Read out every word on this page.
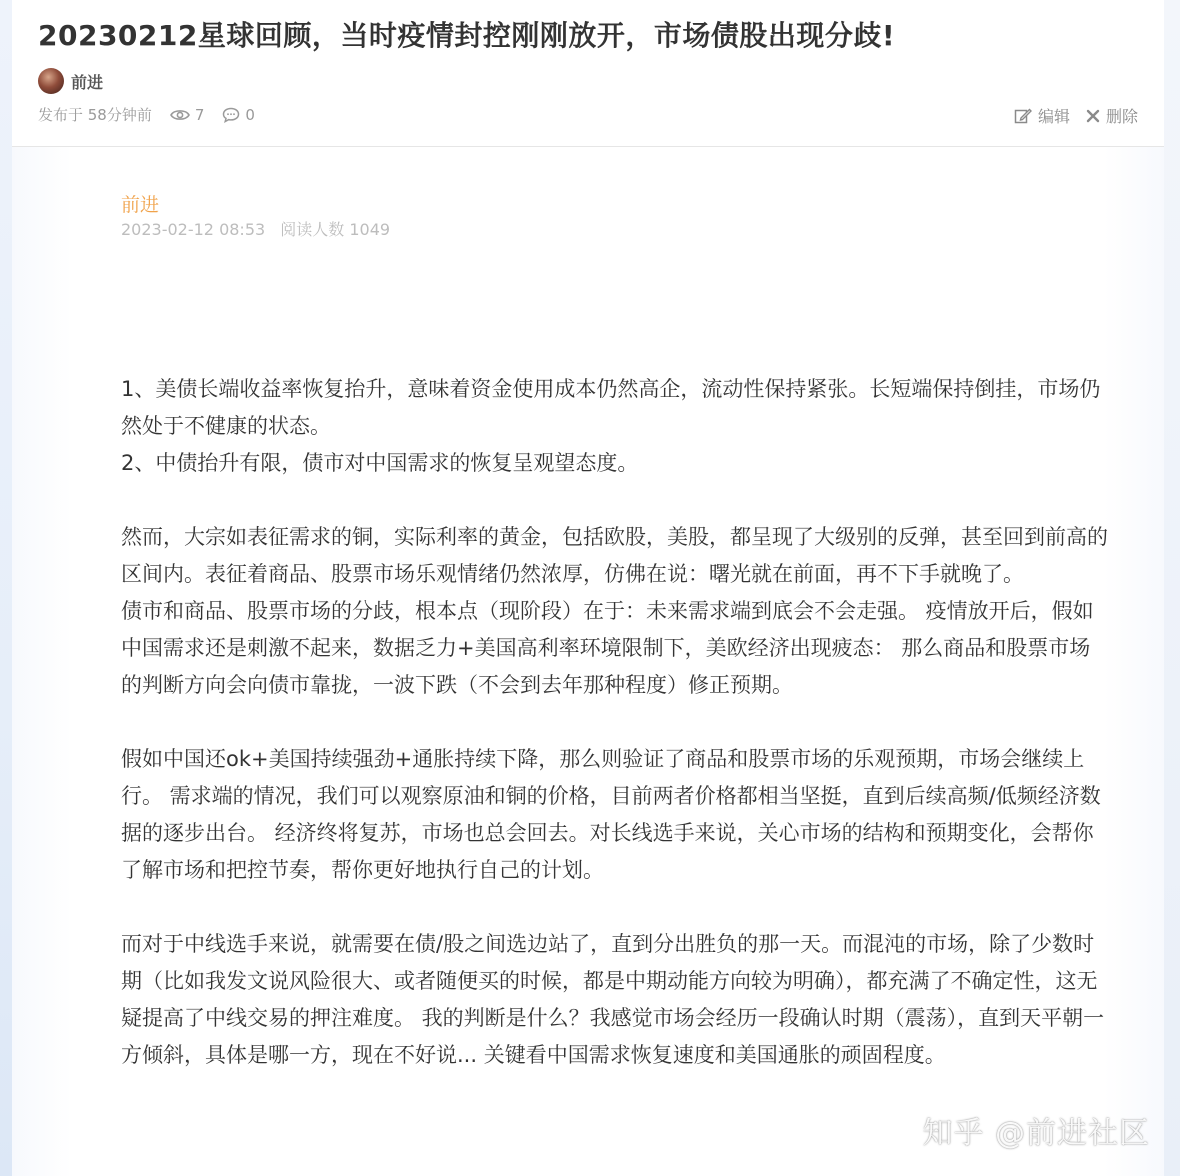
20230212星球回顾，当时疫情封控刚刚放开，市场债股出现分歧!
前进
发布于 58分钟前	7	0	编辑 删除
前进
2023-02-12 08:53 阅读人数 1049

1、美债长端收益率恢复抬升，意味着资金使用成本仍然高企，流动性保持紧张。长短端保持倒挂，市场仍然处于不健康的状态。

2、中债抬升有限，债市对中国需求的恢复呈观望态度。

然而，大宗如表征需求的铜，实际利率的黄金，包括欧股，美股，都呈现了大级别的反弹，甚至回到前高的区间内。表征着商品、股票市场乐观情绪仍然浓厚，仿佛在说：曙光就在前面，再不下手就晚了。

债市和商品、股票市场的分歧，根本点（现阶段）在于：未来需求端到底会不会走强。 疫情放开后，假如中国需求还是刺激不起来，数据乏力+美国高利率环境限制下，美欧经济出现疲态： 那么商品和股票市场的判断方向会向债市靠拢，一波下跌（不会到去年那种程度）修正预期。

假如中国还ok+美国持续强劲+通胀持续下降，那么则验证了商品和股票市场的乐观预期，市场会继续上行。 需求端的情况，我们可以观察原油和铜的价格，目前两者价格都相当坚挺，直到后续高频/低频经济数据的逐步出台。 经济终将复苏，市场也总会回去。对长线选手来说，关心市场的结构和预期变化，会帮你了解市场和把控节奏，帮你更好地执行自己的计划。

而对于中线选手来说，就需要在债/股之间选边站了，直到分出胜负的那一天。而混沌的市场，除了少数时期（比如我发文说风险很大、或者随便买的时候，都是中期动能方向较为明确），都充满了不确定性，这无疑提高了中线交易的押注难度。 我的判断是什么？我感觉市场会经历一段确认时期（震荡），直到天平朝一方倾斜，具体是哪一方，现在不好说... 关键看中国需求恢复速度和美国通胀的顽固程度。

知乎 @前进社区
